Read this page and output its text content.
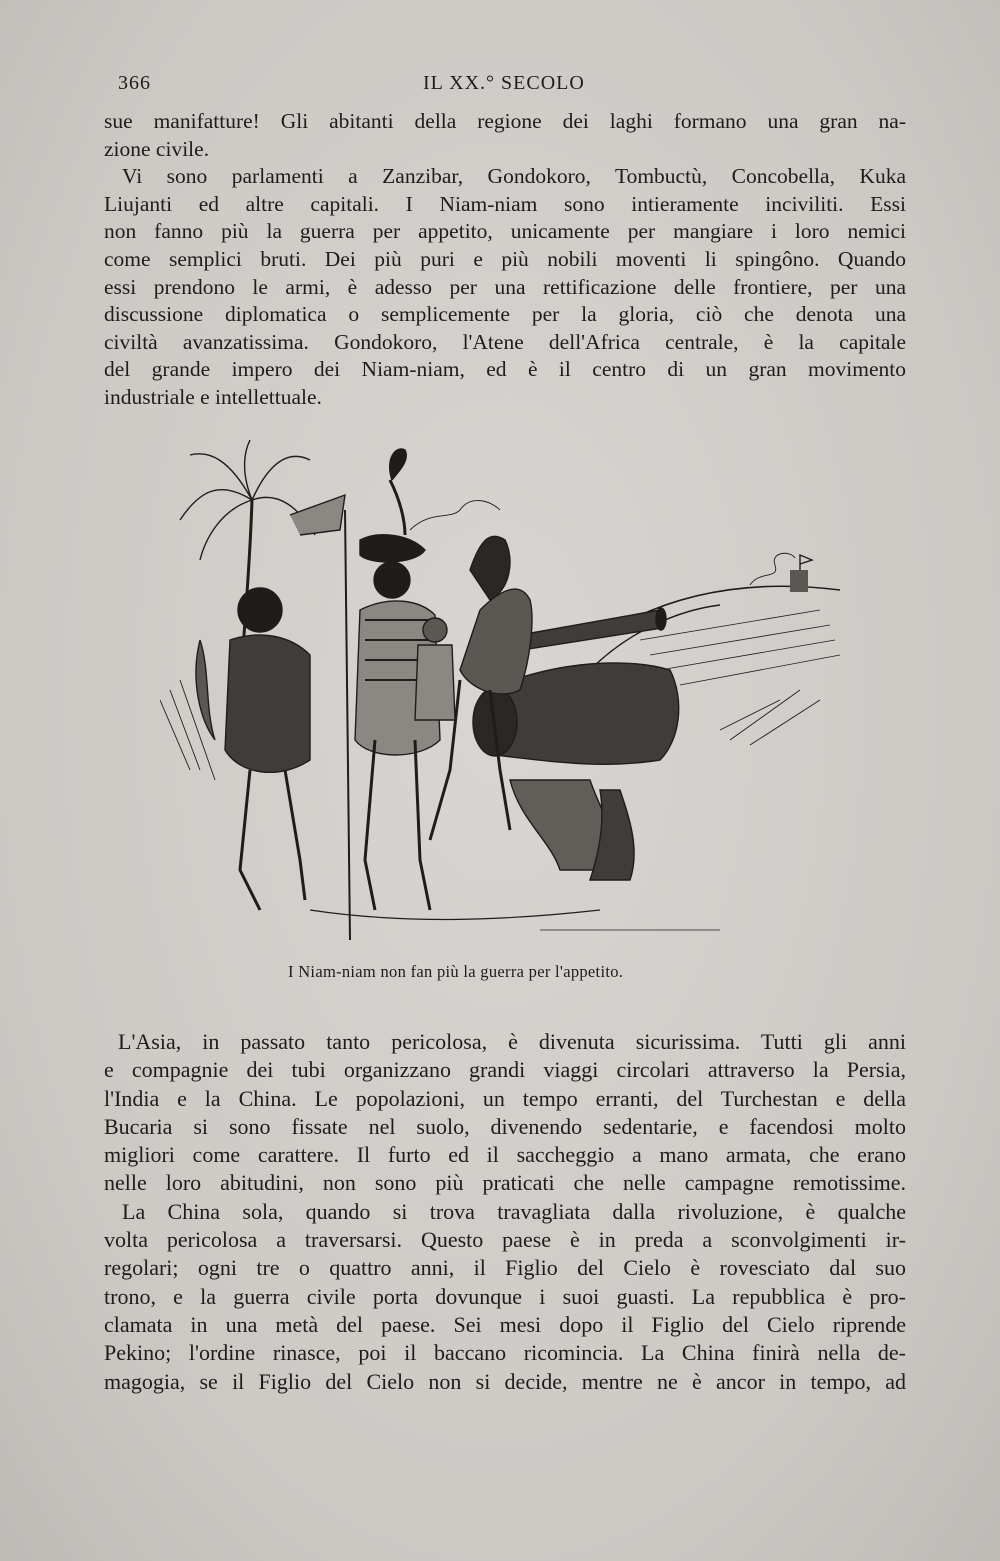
366	IL XX.° SECOLO
sue manifatture! Gli abitanti della regione dei laghi formano una gran na-
zione civile.
Vi sono parlamenti a Zanzibar, Gondokoro, Tombuctù, Concobella, Kuka
Liujanti ed altre capitali. I Niam-niam sono intieramente inciviliti. Essi
non fanno più la guerra per appetito, unicamente per mangiare i loro nemici
come semplici bruti. Dei più puri e più nobili moventi li spingôno. Quando
essi prendono le armi, è adesso per una rettificazione delle frontiere, per una
discussione diplomatica o semplicemente per la gloria, ciò che denota una
civiltà avanzatissima. Gondokoro, l'Atene dell'Africa centrale, è la capitale
del grande impero dei Niam-niam, ed è il centro di un gran movimento
industriale e intellettuale.
I Niam-niam non fan più la guerra per l'appetito.
L'Asia, in passato tanto pericolosa, è divenuta sicurissima. Tutti gli anni
e compagnie dei tubi organizzano grandi viaggi circolari attraverso la Persia,
l'India e la China. Le popolazioni, un tempo erranti, del Turchestan e della
Bucaria si sono fissate nel suolo, divenendo sedentarie, e facendosi molto
migliori come carattere. Il furto ed il saccheggio a mano armata, che erano
nelle loro abitudini, non sono più praticati che nelle campagne remotissime.
La China sola, quando si trova travagliata dalla rivoluzione, è qualche
volta pericolosa a traversarsi. Questo paese è in preda a sconvolgimenti ir-
regolari; ogni tre o quattro anni, il Figlio del Cielo è rovesciato dal suo
trono, e la guerra civile porta dovunque i suoi guasti. La repubblica è pro-
clamata in una metà del paese. Sei mesi dopo il Figlio del Cielo riprende
Pekino; l'ordine rinasce, poi il baccano ricomincia. La China finirà nella de-
magogia, se il Figlio del Cielo non si decide, mentre ne è ancor in tempo, ad
